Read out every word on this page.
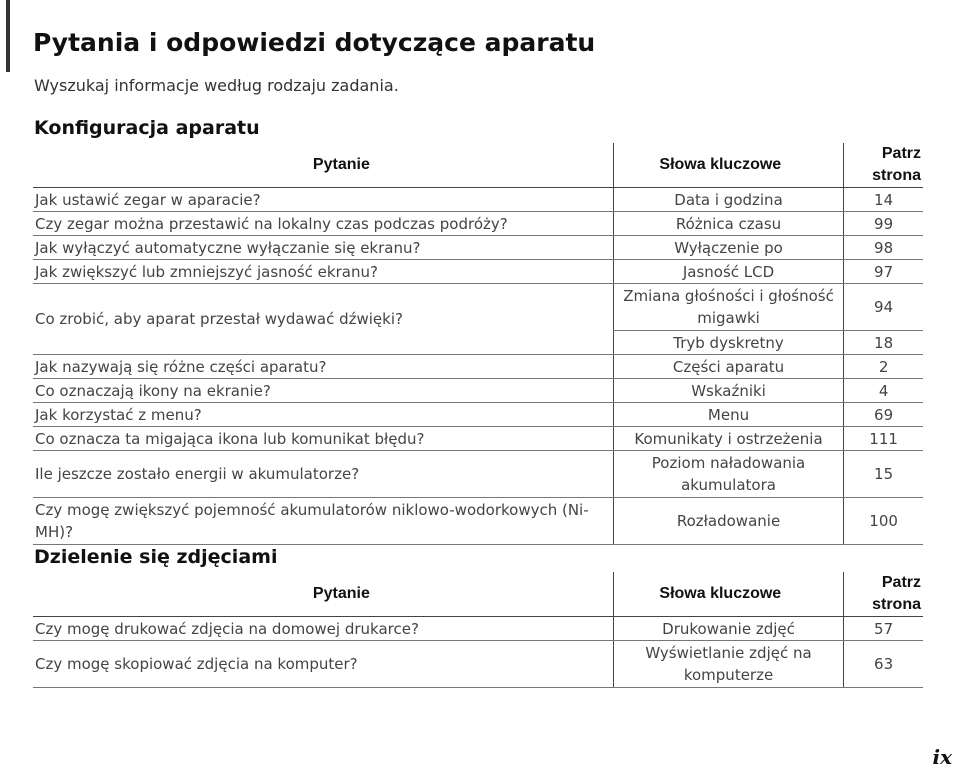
Pytania i odpowiedzi dotyczące aparatu

Wyszukaj informacje według rodzaju zadania.

Konfiguracja aparatu
Pytanie	Słowa kluczowe	Patrz strona
Jak ustawić zegar w aparacie?	Data i godzina	14
Czy zegar można przestawić na lokalny czas podczas podróży?	Różnica czasu	99
Jak wyłączyć automatyczne wyłączanie się ekranu?	Wyłączenie po	98
Jak zwiększyć lub zmniejszyć jasność ekranu?	Jasność LCD	97
Co zrobić, aby aparat przestał wydawać dźwięki?	Zmiana głośności i głośność migawki	94
	Tryb dyskretny	18
Jak nazywają się różne części aparatu?	Części aparatu	2
Co oznaczają ikony na ekranie?	Wskaźniki	4
Jak korzystać z menu?	Menu	69
Co oznacza ta migająca ikona lub komunikat błędu?	Komunikaty i ostrzeżenia	111
Ile jeszcze zostało energii w akumulatorze?	Poziom naładowania akumulatora	15
Czy mogę zwiększyć pojemność akumulatorów niklowo-wodorkowych (Ni-MH)?	Rozładowanie	100
Dzielenie się zdjęciami
Pytanie	Słowa kluczowe	Patrz strona
Czy mogę drukować zdjęcia na domowej drukarce?	Drukowanie zdjęć	57
Czy mogę skopiować zdjęcia na komputer?	Wyświetlanie zdjęć na komputerze	63
ix
